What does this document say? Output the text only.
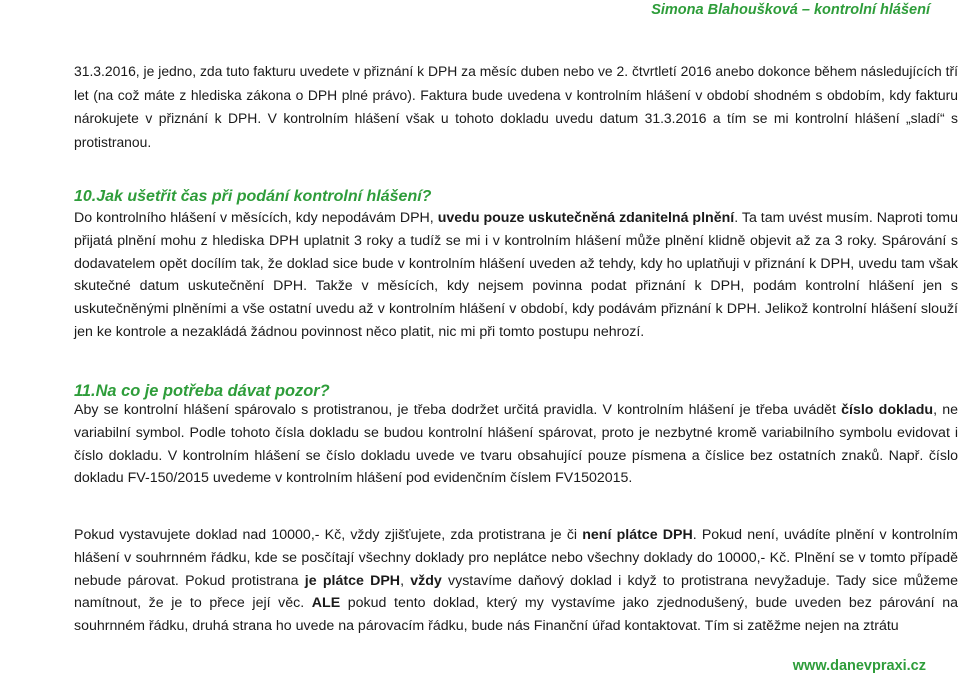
Simona Blahoušková – kontrolní hlášení

31.3.2016, je jedno, zda tuto fakturu uvedete v přiznání k DPH za měsíc duben nebo ve 2. čtvrtletí 2016 anebo dokonce během následujících tří let (na což máte z hlediska zákona o DPH plné právo). Faktura bude uvedena v kontrolním hlášení v období shodném s obdobím, kdy fakturu nárokujete v přiznání k DPH. V kontrolním hlášení však u tohoto dokladu uvedu datum 31.3.2016 a tím se mi kontrolní hlášení „sladí“ s protistranou.

10.Jak ušetřit čas při podání kontrolní hlášení?

Do kontrolního hlášení v měsících, kdy nepodávám DPH, uvedu pouze uskutečněná zdanitelná plnění. Ta tam uvést musím. Naproti tomu přijatá plnění mohu z hlediska DPH uplatnit 3 roky a tudíž se mi i v kontrolním hlášení může plnění klidně objevit až za 3 roky. Spárování s dodavatelem opět docílím tak, že doklad sice bude v kontrolním hlášení uveden až tehdy, kdy ho uplatňuji v přiznání k DPH, uvedu tam však skutečné datum uskutečnění DPH. Takže v měsících, kdy nejsem povinna podat přiznání k DPH, podám kontrolní hlášení jen s uskutečněnými plněními a vše ostatní uvedu až v kontrolním hlášení v období, kdy podávám přiznání k DPH. Jelikož kontrolní hlášení slouží jen ke kontrole a nezakládá žádnou povinnost něco platit, nic mi při tomto postupu nehrozí.

11.Na co je potřeba dávat pozor?

Aby se kontrolní hlášení spárovalo s protistranou, je třeba dodržet určitá pravidla. V kontrolním hlášení je třeba uvádět číslo dokladu, ne variabilní symbol. Podle tohoto čísla dokladu se budou kontrolní hlášení spárovat, proto je nezbytné kromě variabilního symbolu evidovat i číslo dokladu. V kontrolním hlášení se číslo dokladu uvede ve tvaru obsahující pouze písmena a číslice bez ostatních znaků. Např. číslo dokladu FV-150/2015 uvedeme v kontrolním hlášení pod evidenčním číslem FV1502015.

Pokud vystavujete doklad nad 10000,- Kč, vždy zjišťujete, zda protistrana je či není plátce DPH. Pokud není, uvádíte plnění v kontrolním hlášení v souhrnném řádku, kde se posčítají všechny doklady pro neplátce nebo všechny doklady do 10000,- Kč. Plnění se v tomto případě nebude párovat. Pokud protistrana je plátce DPH, vždy vystavíme daňový doklad i když to protistrana nevyžaduje. Tady sice můžeme namítnout, že je to přece její věc. ALE pokud tento doklad, který my vystavíme jako zjednodušený, bude uveden bez párování na souhrnném řádku, druhá strana ho uvede na párovacím řádku, bude nás Finanční úřad kontaktovat. Tím si zatěžme nejen na ztrátu

www.danevpraxi.cz
